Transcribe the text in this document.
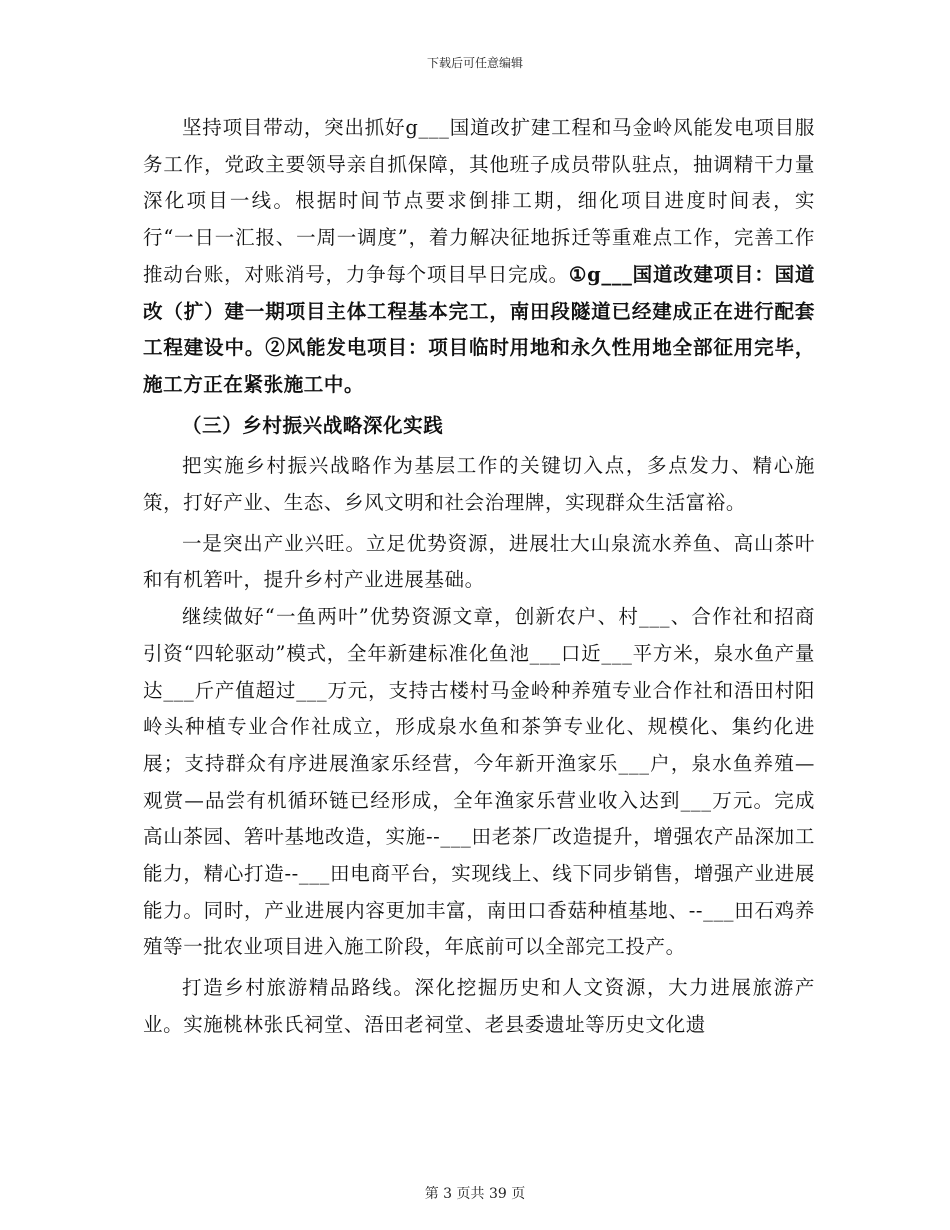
下载后可任意编辑

坚持项目带动，突出抓好g___国道改扩建工程和马金岭风能发电项目服务工作，党政主要领导亲自抓保障，其他班子成员带队驻点，抽调精干力量深化项目一线。根据时间节点要求倒排工期，细化项目进度时间表，实行“一日一汇报、一周一调度”，着力解决征地拆迁等重难点工作，完善工作推动台账，对账消号，力争每个项目早日完成。①g___国道改建项目：国道改（扩）建一期项目主体工程基本完工，南田段隧道已经建成正在进行配套工程建设中。②风能发电项目：项目临时用地和永久性用地全部征用完毕，施工方正在紧张施工中。

（三）乡村振兴战略深化实践

把实施乡村振兴战略作为基层工作的关键切入点，多点发力、精心施策，打好产业、生态、乡风文明和社会治理牌，实现群众生活富裕。

一是突出产业兴旺。立足优势资源，进展壮大山泉流水养鱼、高山茶叶和有机箬叶，提升乡村产业进展基础。

继续做好“一鱼两叶”优势资源文章，创新农户、村___、合作社和招商引资“四轮驱动”模式，全年新建标准化鱼池___口近___平方米，泉水鱼产量达___斤产值超过___万元，支持古楼村马金岭种养殖专业合作社和浯田村阳岭头种植专业合作社成立，形成泉水鱼和茶笋专业化、规模化、集约化进展；支持群众有序进展渔家乐经营，今年新开渔家乐___户，泉水鱼养殖—观赏—品尝有机循环链已经形成，全年渔家乐营业收入达到___万元。完成高山茶园、箬叶基地改造，实施--___田老茶厂改造提升，增强农产品深加工能力，精心打造--___田电商平台，实现线上、线下同步销售，增强产业进展能力。同时，产业进展内容更加丰富，南田口香菇种植基地、--___田石鸡养殖等一批农业项目进入施工阶段，年底前可以全部完工投产。

打造乡村旅游精品路线。深化挖掘历史和人文资源，大力进展旅游产业。实施桃林张氏祠堂、浯田老祠堂、老县委遗址等历史文化遗

第 3 页共 39 页
